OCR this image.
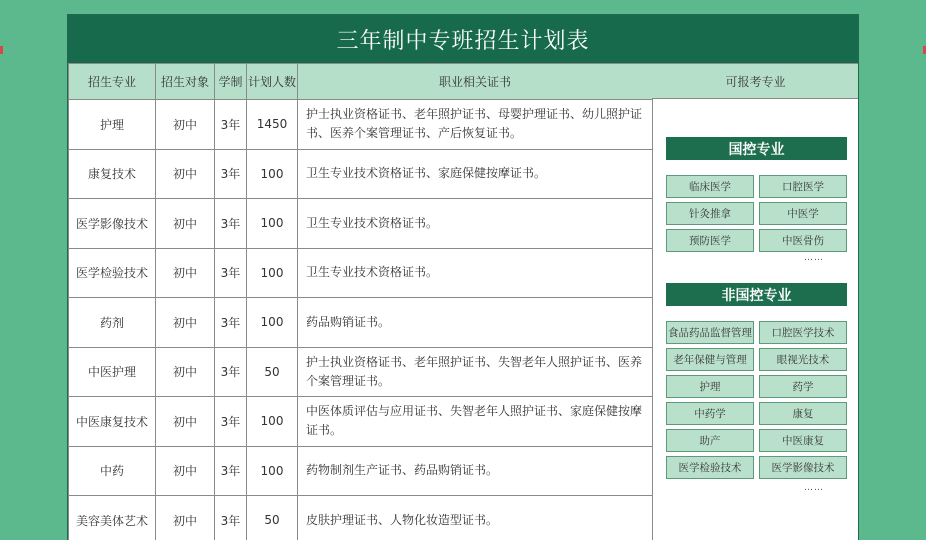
三年制中专班招生计划表
招生专业	招生对象	学制	计划人数	职业相关证书
护理	初中	3年	1450	护士执业资格证书、老年照护证书、母婴护理证书、幼儿照护证书、医养个案管理证书、产后恢复证书。
康复技术	初中	3年	100	卫生专业技术资格证书、家庭保健按摩证书。
医学影像技术	初中	3年	100	卫生专业技术资格证书。
医学检验技术	初中	3年	100	卫生专业技术资格证书。
药剂	初中	3年	100	药品购销证书。
中医护理	初中	3年	50	护士执业资格证书、老年照护证书、失智老年人照护证书、医养个案管理证书。
中医康复技术	初中	3年	100	中医体质评估与应用证书、失智老年人照护证书、家庭保健按摩证书。
中药	初中	3年	100	药物制剂生产证书、药品购销证书。
美容美体艺术	初中	3年	50	皮肤护理证书、人物化妆造型证书。
可报考专业
国控专业
临床医学	口腔医学
针灸推拿	中医学
预防医学	中医骨伤
……
非国控专业
食品药品监督管理	口腔医学技术
老年保健与管理	眼视光技术
护理	药学
中药学	康复
助产	中医康复
医学检验技术	医学影像技术
……
